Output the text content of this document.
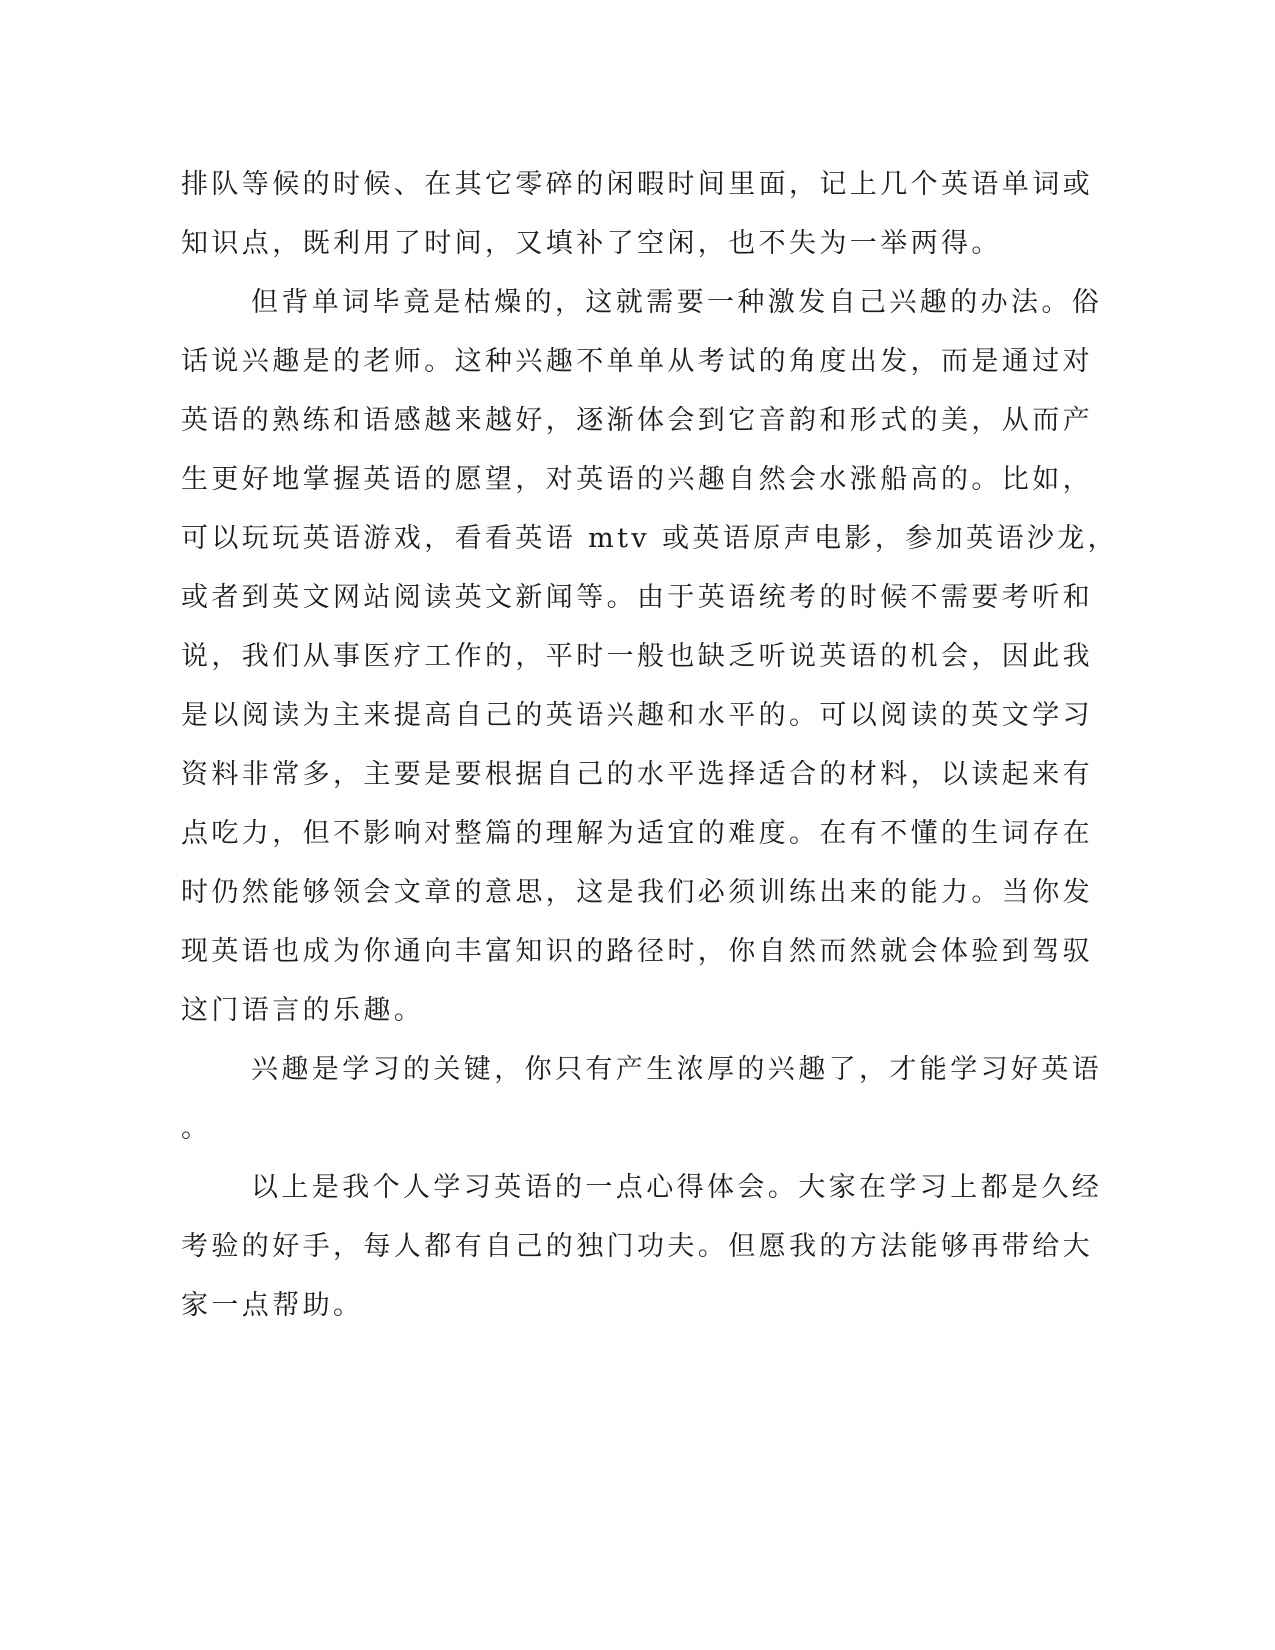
排队等候的时候、在其它零碎的闲暇时间里面，记上几个英语单词或
知识点，既利用了时间，又填补了空闲，也不失为一举两得。

但背单词毕竟是枯燥的，这就需要一种激发自己兴趣的办法。俗
话说兴趣是的老师。这种兴趣不单单从考试的角度出发，而是通过对
英语的熟练和语感越来越好，逐渐体会到它音韵和形式的美，从而产
生更好地掌握英语的愿望，对英语的兴趣自然会水涨船高的。比如，
可以玩玩英语游戏，看看英语 mtv 或英语原声电影，参加英语沙龙，
或者到英文网站阅读英文新闻等。由于英语统考的时候不需要考听和
说，我们从事医疗工作的，平时一般也缺乏听说英语的机会，因此我
是以阅读为主来提高自己的英语兴趣和水平的。可以阅读的英文学习
资料非常多，主要是要根据自己的水平选择适合的材料，以读起来有
点吃力，但不影响对整篇的理解为适宜的难度。在有不懂的生词存在
时仍然能够领会文章的意思，这是我们必须训练出来的能力。当你发
现英语也成为你通向丰富知识的路径时，你自然而然就会体验到驾驭
这门语言的乐趣。

兴趣是学习的关键，你只有产生浓厚的兴趣了，才能学习好英语
。

以上是我个人学习英语的一点心得体会。大家在学习上都是久经
考验的好手，每人都有自己的独门功夫。但愿我的方法能够再带给大
家一点帮助。
